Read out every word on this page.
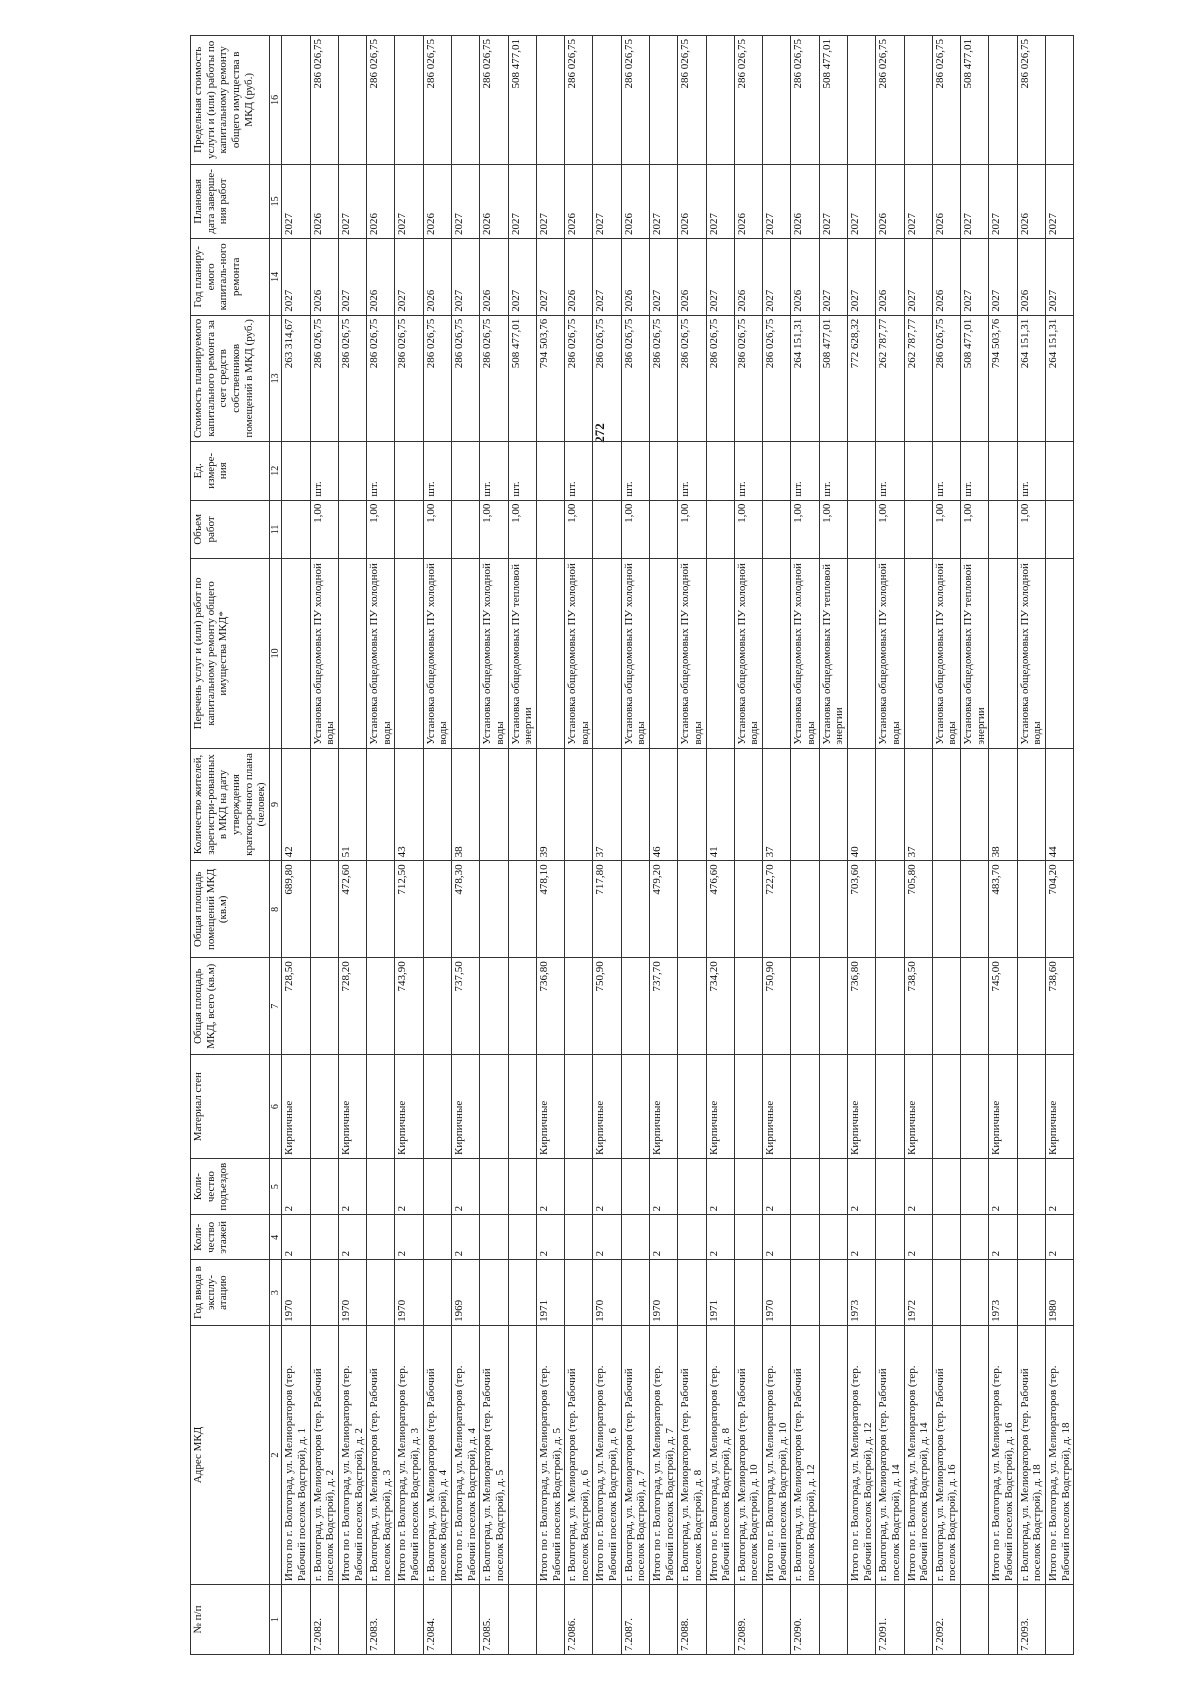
272
№ п/п	Адрес МКД	Год ввода в эксплу-атацию	Коли-чество этажей	Коли-чество подъездов	Материал стен	Общая площадь МКД, всего (кв.м)	Общая площадь помещений МКД (кв.м)	Количество жителей, зарегистри-рованных в МКД на дату утверждения краткосрочного плана (человек)	Перечень услуг и (или) работ по капитальному ремонту общего имущества МКД*	Объем работ	Ед. измере-ния	Стоимость планируемого капитального ремонта за счет средств собственников помещений в МКД (руб.)	Год планиру-емого капиталь-ного ремонта	Плановая дата заверше-ния работ	Предельная стоимость услуги и (или) работы по капитальному ремонту общего имущества в МКД (руб.)
1	2	3	4	5	6	7	8	9	10	11	12	13	14	15	16
	Итого по г. Волгоград, ул. Мелиораторов (тер. Рабочий поселок Водстрой), д. 1	1970	2	2	Кирпичные	728,50	689,80	42				263 314,67	2027	2027	
7.2082.	г. Волгоград, ул. Мелиораторов (тер. Рабочий поселок Водстрой), д. 2								Установка общедомовых ПУ холодной воды	1,00	шт.	286 026,75	2026	2026	286 026,75
	Итого по г. Волгоград, ул. Мелиораторов (тер. Рабочий поселок Водстрой), д. 2	1970	2	2	Кирпичные	728,20	472,60	51				286 026,75	2027	2027	
7.2083.	г. Волгоград, ул. Мелиораторов (тер. Рабочий поселок Водстрой), д. 3								Установка общедомовых ПУ холодной воды	1,00	шт.	286 026,75	2026	2026	286 026,75
	Итого по г. Волгоград, ул. Мелиораторов (тер. Рабочий поселок Водстрой), д. 3	1970	2	2	Кирпичные	743,90	712,50	43				286 026,75	2027	2027	
7.2084.	г. Волгоград, ул. Мелиораторов (тер. Рабочий поселок Водстрой), д. 4								Установка общедомовых ПУ холодной воды	1,00	шт.	286 026,75	2026	2026	286 026,75
	Итого по г. Волгоград, ул. Мелиораторов (тер. Рабочий поселок Водстрой), д. 4	1969	2	2	Кирпичные	737,50	478,30	38				286 026,75	2027	2027	
7.2085.	г. Волгоград, ул. Мелиораторов (тер. Рабочий поселок Водстрой), д. 5								Установка общедомовых ПУ холодной воды	1,00	шт.	286 026,75	2026	2026	286 026,75
									Установка общедомовых ПУ тепловой энергии	1,00	шт.	508 477,01	2027	2027	508 477,01
	Итого по г. Волгоград, ул. Мелиораторов (тер. Рабочий поселок Водстрой), д. 5	1971	2	2	Кирпичные	736,80	478,10	39				794 503,76	2027	2027	
7.2086.	г. Волгоград, ул. Мелиораторов (тер. Рабочий поселок Водстрой), д. 6								Установка общедомовых ПУ холодной воды	1,00	шт.	286 026,75	2026	2026	286 026,75
	Итого по г. Волгоград, ул. Мелиораторов (тер. Рабочий поселок Водстрой), д. 6	1970	2	2	Кирпичные	750,90	717,80	37				286 026,75	2027	2027	
7.2087.	г. Волгоград, ул. Мелиораторов (тер. Рабочий поселок Водстрой), д. 7								Установка общедомовых ПУ холодной воды	1,00	шт.	286 026,75	2026	2026	286 026,75
	Итого по г. Волгоград, ул. Мелиораторов (тер. Рабочий поселок Водстрой), д. 7	1970	2	2	Кирпичные	737,70	479,20	46				286 026,75	2027	2027	
7.2088.	г. Волгоград, ул. Мелиораторов (тер. Рабочий поселок Водстрой), д. 8								Установка общедомовых ПУ холодной воды	1,00	шт.	286 026,75	2026	2026	286 026,75
	Итого по г. Волгоград, ул. Мелиораторов (тер. Рабочий поселок Водстрой), д. 8	1971	2	2	Кирпичные	734,20	476,60	41				286 026,75	2027	2027	
7.2089.	г. Волгоград, ул. Мелиораторов (тер. Рабочий поселок Водстрой), д. 10								Установка общедомовых ПУ холодной воды	1,00	шт.	286 026,75	2026	2026	286 026,75
	Итого по г. Волгоград, ул. Мелиораторов (тер. Рабочий поселок Водстрой), д. 10	1970	2	2	Кирпичные	750,90	722,70	37				286 026,75	2027	2027	
7.2090.	г. Волгоград, ул. Мелиораторов (тер. Рабочий поселок Водстрой), д. 12								Установка общедомовых ПУ холодной воды	1,00	шт.	264 151,31	2026	2026	286 026,75
									Установка общедомовых ПУ тепловой энергии	1,00	шт.	508 477,01	2027	2027	508 477,01
	Итого по г. Волгоград, ул. Мелиораторов (тер. Рабочий поселок Водстрой), д. 12	1973	2	2	Кирпичные	736,80	703,60	40				772 628,32	2027	2027	
7.2091.	г. Волгоград, ул. Мелиораторов (тер. Рабочий поселок Водстрой), д. 14								Установка общедомовых ПУ холодной воды	1,00	шт.	262 787,77	2026	2026	286 026,75
	Итого по г. Волгоград, ул. Мелиораторов (тер. Рабочий поселок Водстрой), д. 14	1972	2	2	Кирпичные	738,50	705,80	37				262 787,77	2027	2027	
7.2092.	г. Волгоград, ул. Мелиораторов (тер. Рабочий поселок Водстрой), д. 16								Установка общедомовых ПУ холодной воды	1,00	шт.	286 026,75	2026	2026	286 026,75
									Установка общедомовых ПУ тепловой энергии	1,00	шт.	508 477,01	2027	2027	508 477,01
	Итого по г. Волгоград, ул. Мелиораторов (тер. Рабочий поселок Водстрой), д. 16	1973	2	2	Кирпичные	745,00	483,70	38				794 503,76	2027	2027	
7.2093.	г. Волгоград, ул. Мелиораторов (тер. Рабочий поселок Водстрой), д. 18								Установка общедомовых ПУ холодной воды	1,00	шт.	264 151,31	2026	2026	286 026,75
	Итого по г. Волгоград, ул. Мелиораторов (тер. Рабочий поселок Водстрой), д. 18	1980	2	2	Кирпичные	738,60	704,20	44				264 151,31	2027	2027	
